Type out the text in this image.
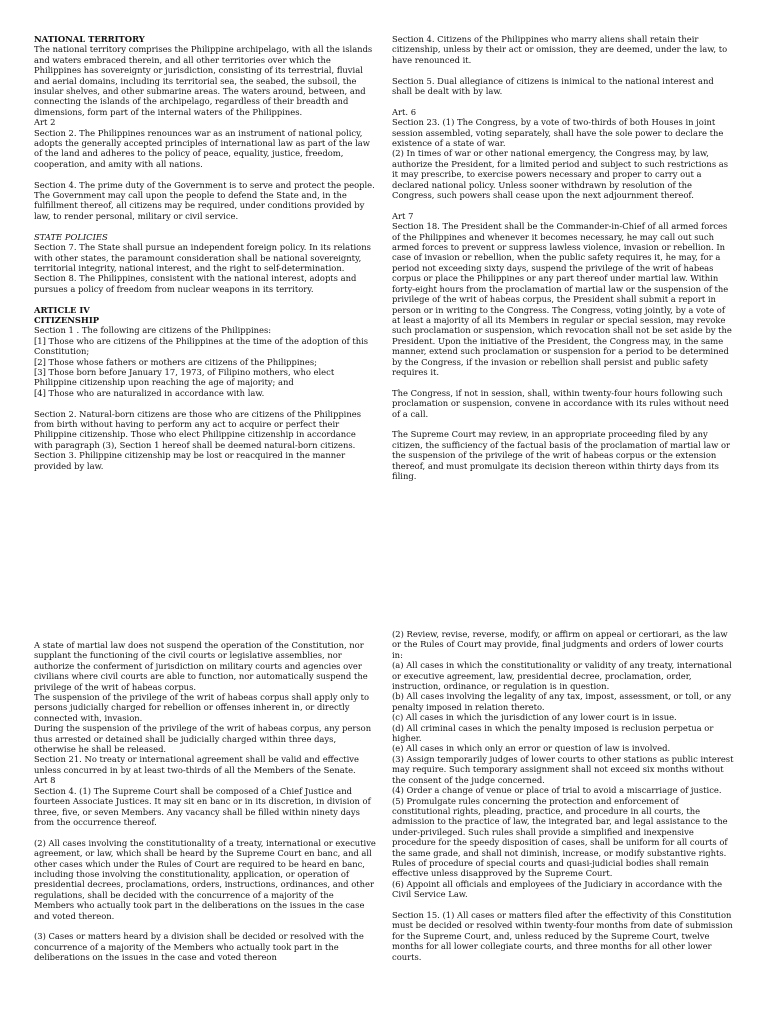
NATIONAL TERRITORY

The national territory comprises the Philippine archipelago, with all the islands and waters embraced therein, and all other territories over which the Philippines has sovereignty or jurisdiction, consisting of its terrestrial, fluvial and aerial domains, including its territorial sea, the seabed, the subsoil, the insular shelves, and other submarine areas. The waters around, between, and connecting the islands of the archipelago, regardless of their breadth and dimensions, form part of the internal waters of the Philippines.

Art 2

Section 2. The Philippines renounces war as an instrument of national policy, adopts the generally accepted principles of international law as part of the law of the land and adheres to the policy of peace, equality, justice, freedom, cooperation, and amity with all nations.

Section 4. The prime duty of the Government is to serve and protect the people. The Government may call upon the people to defend the State and, in the fulfillment thereof, all citizens may be required, under conditions provided by law, to render personal, military or civil service.

STATE POLICIES

Section 7. The State shall pursue an independent foreign policy. In its relations with other states, the paramount consideration shall be national sovereignty, territorial integrity, national interest, and the right to self-determination.

Section 8. The Philippines, consistent with the national interest, adopts and pursues a policy of freedom from nuclear weapons in its territory.

ARTICLE IV

CITIZENSHIP

Section 1 . The following are citizens of the Philippines:

[1] Those who are citizens of the Philippines at the time of the adoption of this Constitution;

[2] Those whose fathers or mothers are citizens of the Philippines;

[3] Those born before January 17, 1973, of Filipino mothers, who elect Philippine citizenship upon reaching the age of majority; and

[4] Those who are naturalized in accordance with law.

Section 2. Natural-born citizens are those who are citizens of the Philippines from birth without having to perform any act to acquire or perfect their Philippine citizenship. Those who elect Philippine citizenship in accordance with paragraph (3), Section 1 hereof shall be deemed natural-born citizens.

Section 3. Philippine citizenship may be lost or reacquired in the manner provided by law.

Section 4. Citizens of the Philippines who marry aliens shall retain their citizenship, unless by their act or omission, they are deemed, under the law, to have renounced it.

Section 5. Dual allegiance of citizens is inimical to the national interest and shall be dealt with by law.

Art. 6

Section 23. (1) The Congress, by a vote of two-thirds of both Houses in joint session assembled, voting separately, shall have the sole power to declare the existence of a state of war.

(2) In times of war or other national emergency, the Congress may, by law, authorize the President, for a limited period and subject to such restrictions as it may prescribe, to exercise powers necessary and proper to carry out a declared national policy. Unless sooner withdrawn by resolution of the Congress, such powers shall cease upon the next adjournment thereof.

Art 7

Section 18. The President shall be the Commander-in-Chief of all armed forces of the Philippines and whenever it becomes necessary, he may call out such armed forces to prevent or suppress lawless violence, invasion or rebellion. In case of invasion or rebellion, when the public safety requires it, he may, for a period not exceeding sixty days, suspend the privilege of the writ of habeas corpus or place the Philippines or any part thereof under martial law. Within forty-eight hours from the proclamation of martial law or the suspension of the privilege of the writ of habeas corpus, the President shall submit a report in person or in writing to the Congress. The Congress, voting jointly, by a vote of at least a majority of all its Members in regular or special session, may revoke such proclamation or suspension, which revocation shall not be set aside by the President. Upon the initiative of the President, the Congress may, in the same manner, extend such proclamation or suspension for a period to be determined by the Congress, if the invasion or rebellion shall persist and public safety requires it.

The Congress, if not in session, shall, within twenty-four hours following such proclamation or suspension, convene in accordance with its rules without need of a call.

The Supreme Court may review, in an appropriate proceeding filed by any citizen, the sufficiency of the factual basis of the proclamation of martial law or the suspension of the privilege of the writ of habeas corpus or the extension thereof, and must promulgate its decision thereon within thirty days from its filing.

A state of martial law does not suspend the operation of the Constitution, nor supplant the functioning of the civil courts or legislative assemblies, nor authorize the conferment of jurisdiction on military courts and agencies over civilians where civil courts are able to function, nor automatically suspend the privilege of the writ of habeas corpus.

The suspension of the privilege of the writ of habeas corpus shall apply only to persons judicially charged for rebellion or offenses inherent in, or directly connected with, invasion.

During the suspension of the privilege of the writ of habeas corpus, any person thus arrested or detained shall be judicially charged within three days, otherwise he shall be released.

Section 21. No treaty or international agreement shall be valid and effective unless concurred in by at least two-thirds of all the Members of the Senate.

Art 8

Section 4. (1) The Supreme Court shall be composed of a Chief Justice and fourteen Associate Justices. It may sit en banc or in its discretion, in division of three, five, or seven Members. Any vacancy shall be filled within ninety days from the occurrence thereof.

(2) All cases involving the constitutionality of a treaty, international or executive agreement, or law, which shall be heard by the Supreme Court en banc, and all other cases which under the Rules of Court are required to be heard en banc, including those involving the constitutionality, application, or operation of presidential decrees, proclamations, orders, instructions, ordinances, and other regulations, shall be decided with the concurrence of a majority of the Members who actually took part in the deliberations on the issues in the case and voted thereon.

(3) Cases or matters heard by a division shall be decided or resolved with the concurrence of a majority of the Members who actually took part in the deliberations on the issues in the case and voted thereon

(2) Review, revise, reverse, modify, or affirm on appeal or certiorari, as the law or the Rules of Court may provide, final judgments and orders of lower courts in:

(a) All cases in which the constitutionality or validity of any treaty, international or executive agreement, law, presidential decree, proclamation, order, instruction, ordinance, or regulation is in question.

(b) All cases involving the legality of any tax, impost, assessment, or toll, or any penalty imposed in relation thereto.

(c) All cases in which the jurisdiction of any lower court is in issue.

(d) All criminal cases in which the penalty imposed is reclusion perpetua or higher.

(e) All cases in which only an error or question of law is involved.

(3) Assign temporarily judges of lower courts to other stations as public interest may require. Such temporary assignment shall not exceed six months without the consent of the judge concerned.

(4) Order a change of venue or place of trial to avoid a miscarriage of justice.

(5) Promulgate rules concerning the protection and enforcement of constitutional rights, pleading, practice, and procedure in all courts, the admission to the practice of law, the integrated bar, and legal assistance to the under-privileged. Such rules shall provide a simplified and inexpensive procedure for the speedy disposition of cases, shall be uniform for all courts of the same grade, and shall not diminish, increase, or modify substantive rights. Rules of procedure of special courts and quasi-judicial bodies shall remain effective unless disapproved by the Supreme Court.

(6) Appoint all officials and employees of the Judiciary in accordance with the Civil Service Law.

Section 15. (1) All cases or matters filed after the effectivity of this Constitution must be decided or resolved within twenty-four months from date of submission for the Supreme Court, and, unless reduced by the Supreme Court, twelve months for all lower collegiate courts, and three months for all other lower courts.
